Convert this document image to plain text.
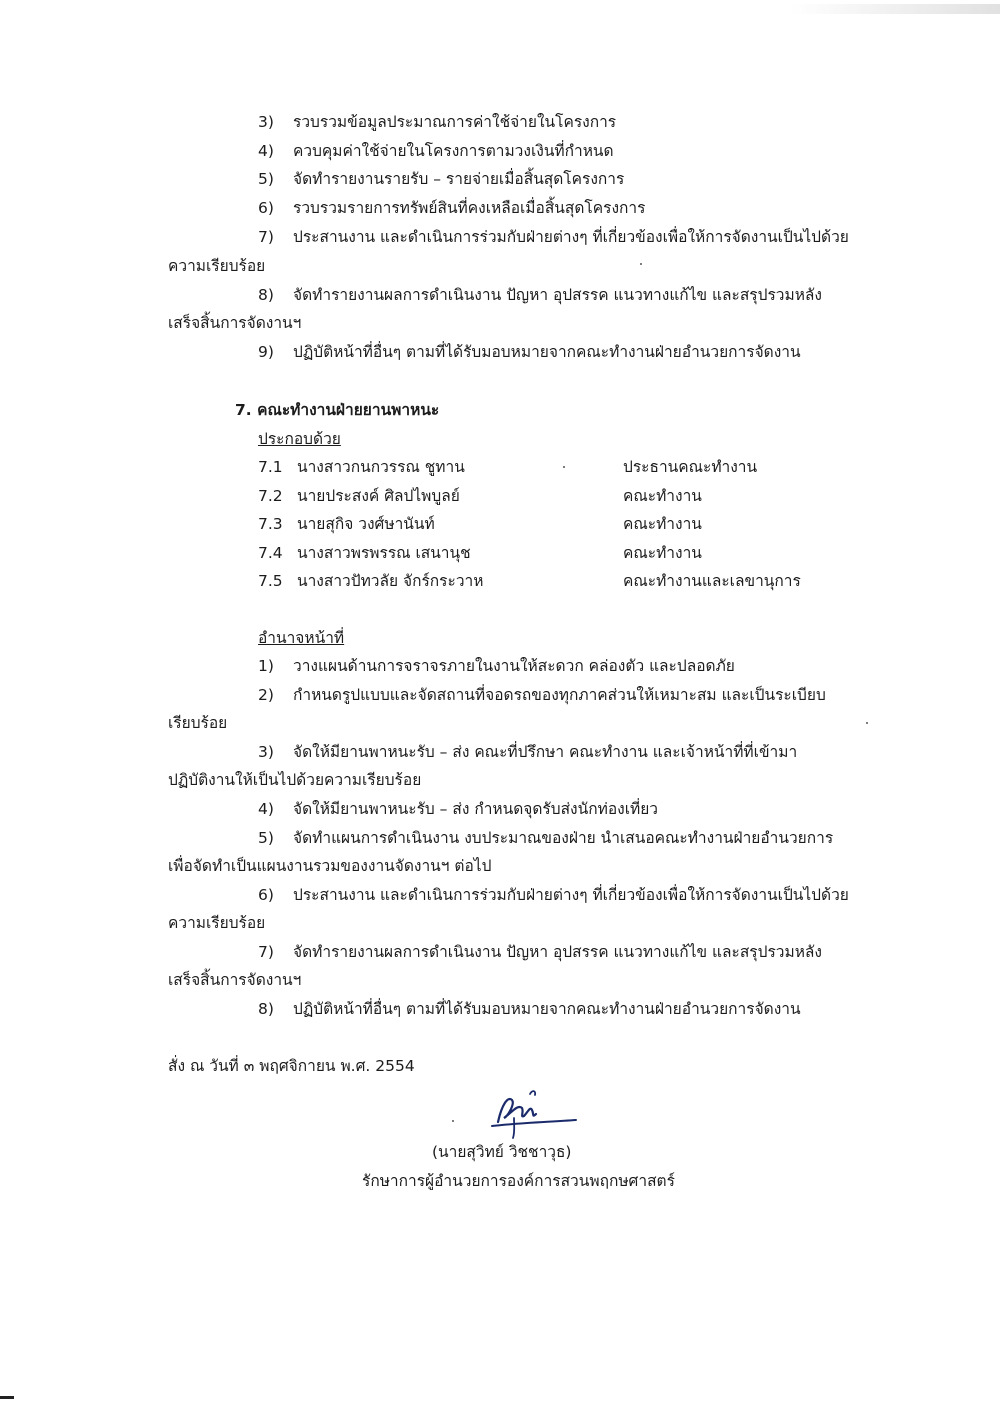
3) รวบรวมข้อมูลประมาณการค่าใช้จ่ายในโครงการ
4) ควบคุมค่าใช้จ่ายในโครงการตามวงเงินที่กำหนด
5) จัดทำรายงานรายรับ – รายจ่ายเมื่อสิ้นสุดโครงการ
6) รวบรวมรายการทรัพย์สินที่คงเหลือเมื่อสิ้นสุดโครงการ
7) ประสานงาน และดำเนินการร่วมกับฝ่ายต่างๆ ที่เกี่ยวข้องเพื่อให้การจัดงานเป็นไปด้วย
ความเรียบร้อย
8) จัดทำรายงานผลการดำเนินงาน ปัญหา อุปสรรค แนวทางแก้ไข และสรุปรวมหลัง
เสร็จสิ้นการจัดงานฯ
9) ปฏิบัติหน้าที่อื่นๆ ตามที่ได้รับมอบหมายจากคณะทำงานฝ่ายอำนวยการจัดงาน
7. คณะทำงานฝ่ายยานพาหนะ
ประกอบด้วย
7.1 นางสาวกนกวรรณ ชูทาน	ประธานคณะทำงาน
7.2 นายประสงค์ ศิลปไพบูลย์	คณะทำงาน
7.3 นายสุกิจ วงศ์ษานันท์	คณะทำงาน
7.4 นางสาวพรพรรณ เสนานุช	คณะทำงาน
7.5 นางสาวปัทวลัย จักร์กระวาห	คณะทำงานและเลขานุการ
อำนาจหน้าที่
1) วางแผนด้านการจราจรภายในงานให้สะดวก คล่องตัว และปลอดภัย
2) กำหนดรูปแบบและจัดสถานที่จอดรถของทุกภาคส่วนให้เหมาะสม และเป็นระเบียบ
เรียบร้อย
3) จัดให้มียานพาหนะรับ – ส่ง คณะที่ปรึกษา คณะทำงาน และเจ้าหน้าที่ที่เข้ามา
ปฏิบัติงานให้เป็นไปด้วยความเรียบร้อย
4) จัดให้มียานพาหนะรับ – ส่ง กำหนดจุดรับส่งนักท่องเที่ยว
5) จัดทำแผนการดำเนินงาน งบประมาณของฝ่าย นำเสนอคณะทำงานฝ่ายอำนวยการ
เพื่อจัดทำเป็นแผนงานรวมของงานจัดงานฯ ต่อไป
6) ประสานงาน และดำเนินการร่วมกับฝ่ายต่างๆ ที่เกี่ยวข้องเพื่อให้การจัดงานเป็นไปด้วย
ความเรียบร้อย
7) จัดทำรายงานผลการดำเนินงาน ปัญหา อุปสรรค แนวทางแก้ไข และสรุปรวมหลัง
เสร็จสิ้นการจัดงานฯ
8) ปฏิบัติหน้าที่อื่นๆ ตามที่ได้รับมอบหมายจากคณะทำงานฝ่ายอำนวยการจัดงาน
สั่ง ณ วันที่ ๓ พฤศจิกายน พ.ศ. 2554
(นายสุวิทย์ วิชชาวุธ)
รักษาการผู้อำนวยการองค์การสวนพฤกษศาสตร์
